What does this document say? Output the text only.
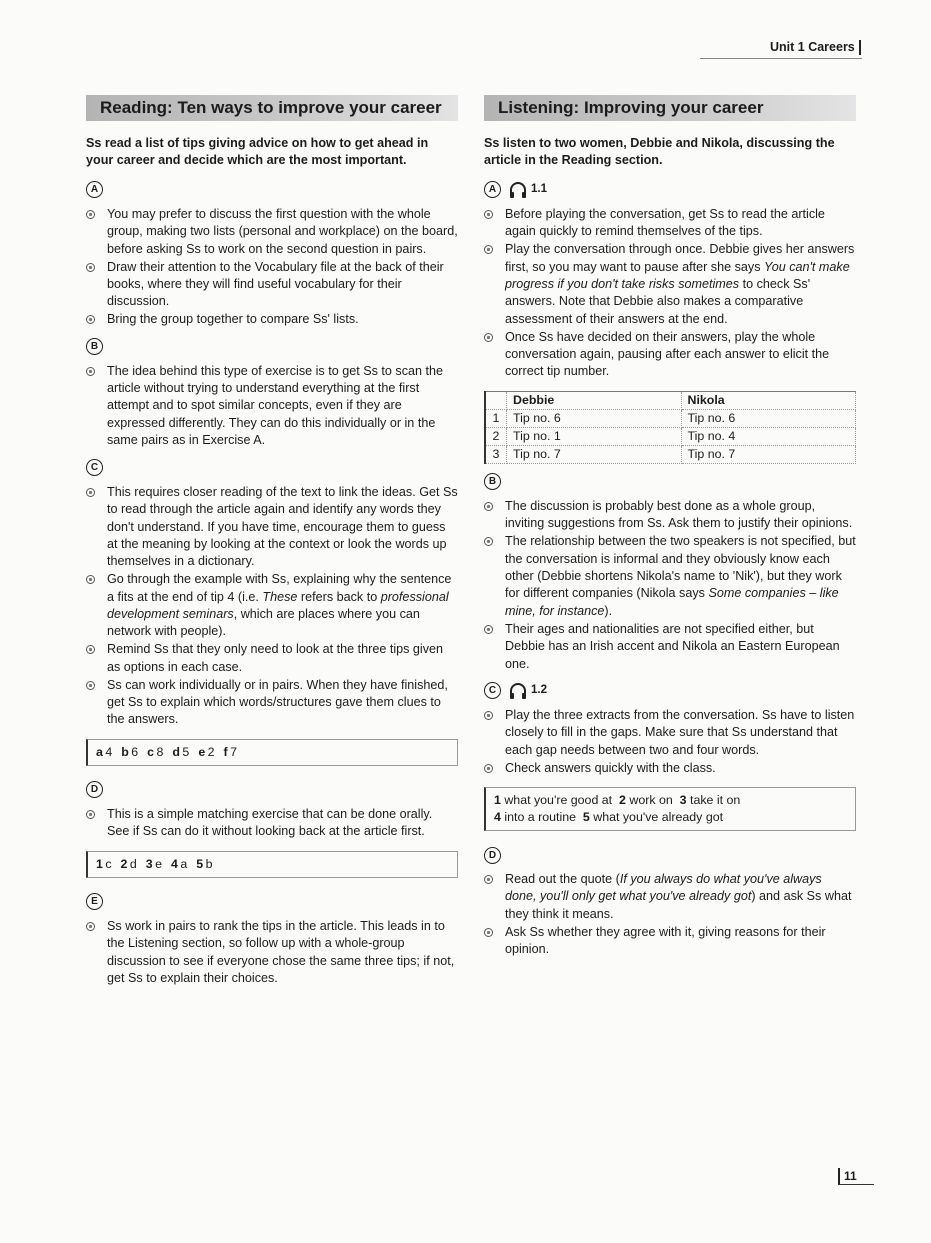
Unit 1 Careers
Reading: Ten ways to improve your career
Ss read a list of tips giving advice on how to get ahead in your career and decide which are the most important.
A
You may prefer to discuss the first question with the whole group, making two lists (personal and workplace) on the board, before asking Ss to work on the second question in pairs.
Draw their attention to the Vocabulary file at the back of their books, where they will find useful vocabulary for their discussion.
Bring the group together to compare Ss' lists.
B
The idea behind this type of exercise is to get Ss to scan the article without trying to understand everything at the first attempt and to spot similar concepts, even if they are expressed differently. They can do this individually or in the same pairs as in Exercise A.
C
This requires closer reading of the text to link the ideas. Get Ss to read through the article again and identify any words they don't understand. If you have time, encourage them to guess at the meaning by looking at the context or look the words up themselves in a dictionary.
Go through the example with Ss, explaining why the sentence a fits at the end of tip 4 (i.e. These refers back to professional development seminars, which are places where you can network with people).
Remind Ss that they only need to look at the three tips given as options in each case.
Ss can work individually or in pairs. When they have finished, get Ss to explain which words/structures gave them clues to the answers.
a  4 b  6 c  8 d  5 e  2 f  7
D
This is a simple matching exercise that can be done orally. See if Ss can do it without looking back at the article first.
1  c 2  d 3  e 4  a 5  b
E
Ss work in pairs to rank the tips in the article. This leads in to the Listening section, so follow up with a whole-group discussion to see if everyone chose the same three tips; if not, get Ss to explain their choices.
Listening: Improving your career
Ss listen to two women, Debbie and Nikola, discussing the article in the Reading section.
A	1.1
Before playing the conversation, get Ss to read the article again quickly to remind themselves of the tips.
Play the conversation through once. Debbie gives her answers first, so you may want to pause after she says You can't make progress if you don't take risks sometimes to check Ss' answers. Note that Debbie also makes a comparative assessment of their answers at the end.
Once Ss have decided on their answers, play the whole conversation again, pausing after each answer to elicit the correct tip number.
	Debbie	Nikola
1	Tip no. 6	Tip no. 6
2	Tip no. 1	Tip no. 4
3	Tip no. 7	Tip no. 7
B
The discussion is probably best done as a whole group, inviting suggestions from Ss. Ask them to justify their opinions.
The relationship between the two speakers is not specified, but the conversation is informal and they obviously know each other (Debbie shortens Nikola's name to 'Nik'), but they work for different companies (Nikola says Some companies – like mine, for instance).
Their ages and nationalities are not specified either, but Debbie has an Irish accent and Nikola an Eastern European one.
C	1.2
Play the three extracts from the conversation. Ss have to listen closely to fill in the gaps. Make sure that Ss understand that each gap needs between two and four words.
Check answers quickly with the class.
1 what you're good at 2 work on 3 take it on
4 into a routine 5 what you've already got
D
Read out the quote (If you always do what you've always done, you'll only get what you've already got) and ask Ss what they think it means.
Ask Ss whether they agree with it, giving reasons for their opinion.
11
